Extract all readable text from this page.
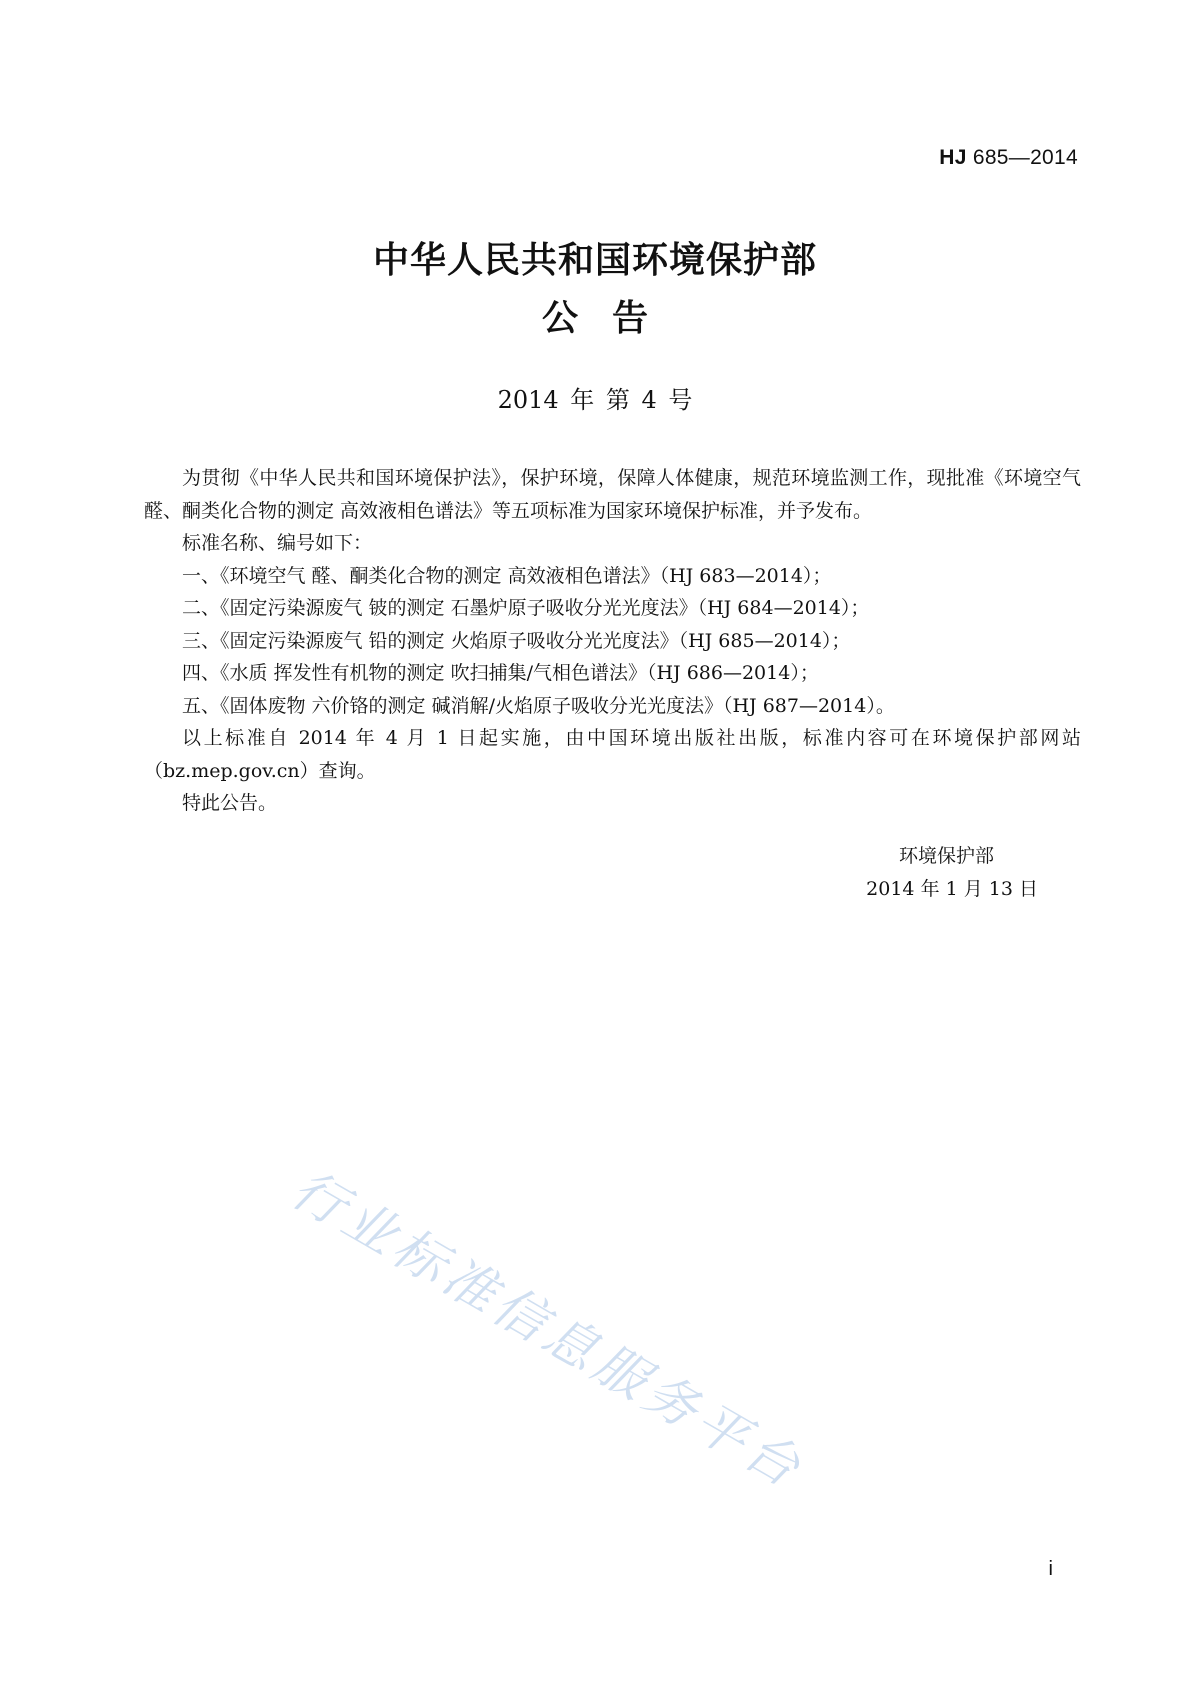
HJ 685—2014
中华人民共和国环境保护部
公告
2014 年 第 4 号

为贯彻《中华人民共和国环境保护法》，保护环境，保障人体健康，规范环境监测工作，现批准《环境空气 醛、酮类化合物的测定 高效液相色谱法》等五项标准为国家环境保护标准，并予发布。

标准名称、编号如下：

一、《环境空气 醛、酮类化合物的测定 高效液相色谱法》（HJ 683—2014）；

二、《固定污染源废气 铍的测定 石墨炉原子吸收分光光度法》（HJ 684—2014）；

三、《固定污染源废气 铅的测定 火焰原子吸收分光光度法》（HJ 685—2014）；

四、《水质 挥发性有机物的测定 吹扫捕集/气相色谱法》（HJ 686—2014）；

五、《固体废物 六价铬的测定 碱消解/火焰原子吸收分光光度法》（HJ 687—2014）。

以上标准自 2014 年 4 月 1 日起实施，由中国环境出版社出版，标准内容可在环境保护部网站（bz.mep.gov.cn）查询。

特此公告。

环境保护部
2014 年 1 月 13 日
行业标准信息服务平台
i
